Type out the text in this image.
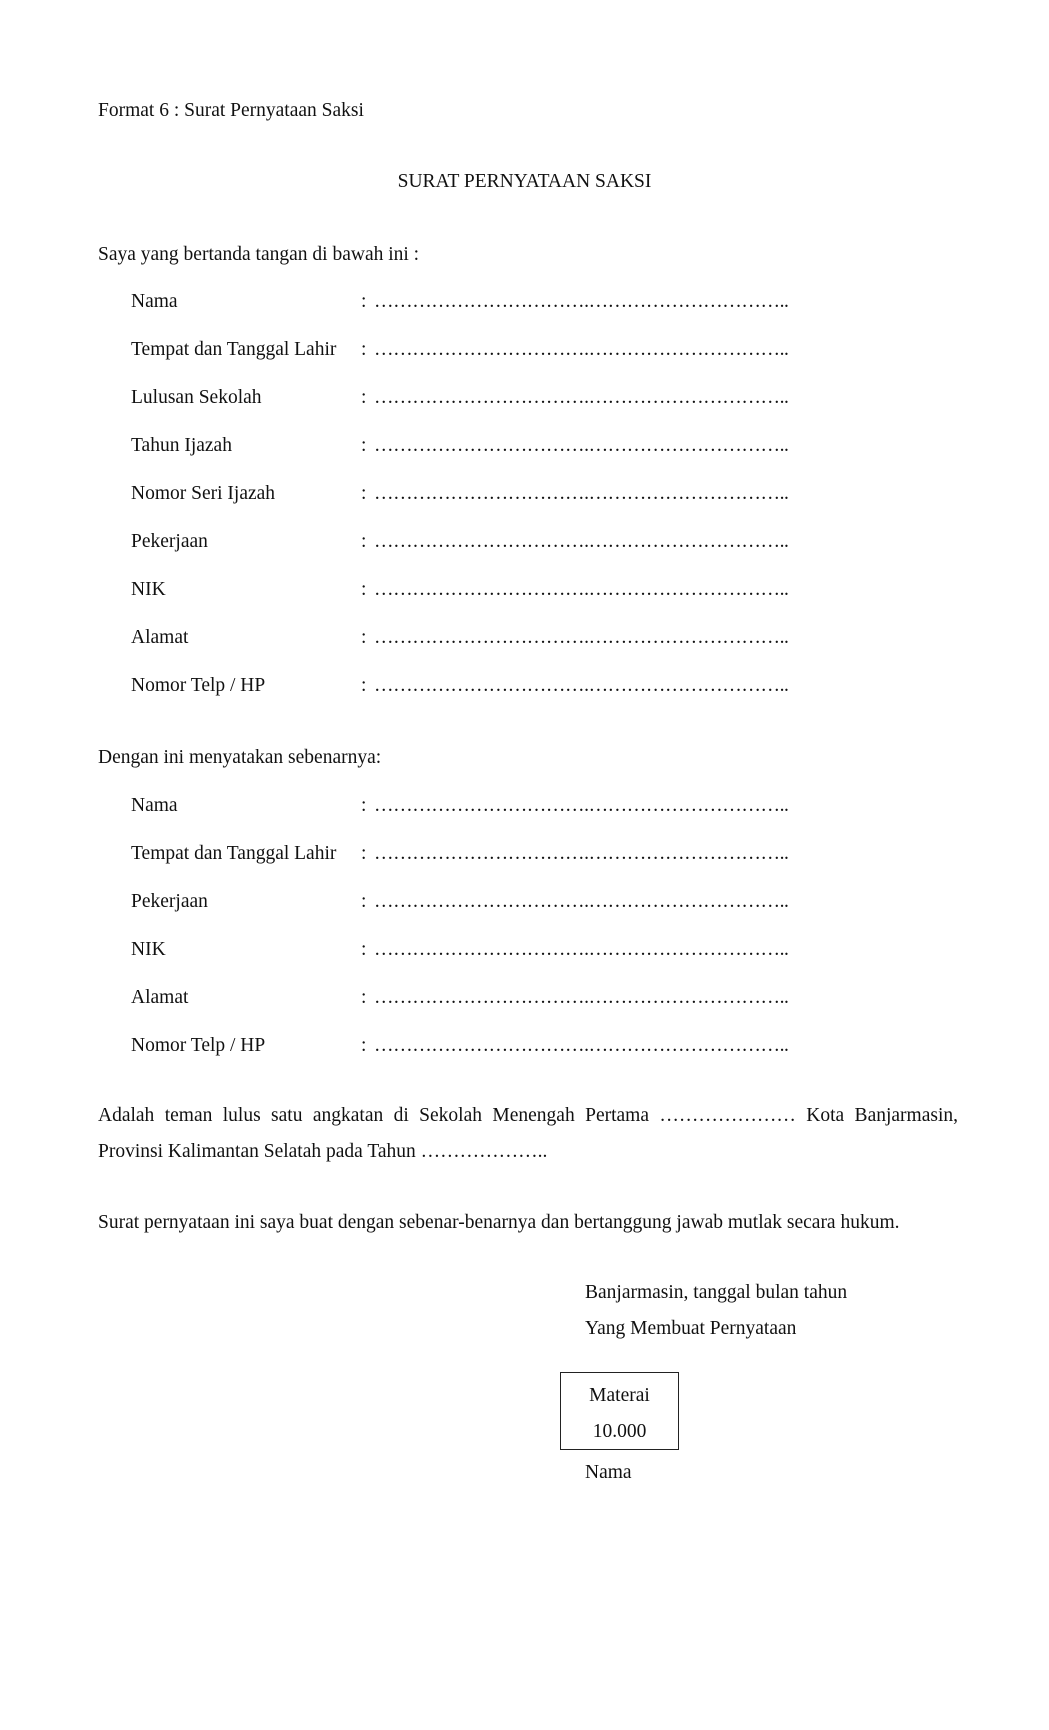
Format 6 : Surat Pernyataan Saksi
SURAT PERNYATAAN SAKSI
Saya yang bertanda tangan di bawah ini :
Nama	: …………………………….…………………………..
Tempat dan Tanggal Lahir : …………………………….…………………………..
Lulusan Sekolah	: …………………………….…………………………..
Tahun Ijazah	: …………………………….…………………………..
Nomor Seri Ijazah	: …………………………….…………………………..
Pekerjaan	: …………………………….…………………………..
NIK	: …………………………….…………………………..
Alamat	: …………………………….…………………………..
Nomor Telp / HP	: …………………………….…………………………..
Dengan ini menyatakan sebenarnya:
Nama	: …………………………….…………………………..
Tempat dan Tanggal Lahir : …………………………….…………………………..
Pekerjaan	: …………………………….…………………………..
NIK	: …………………………….…………………………..
Alamat	: …………………………….…………………………..
Nomor Telp / HP	: …………………………….…………………………..
Adalah teman lulus satu angkatan di Sekolah Menengah Pertama ………………… Kota Banjarmasin,
Provinsi Kalimantan Selatah pada Tahun ………………..
Surat pernyataan ini saya buat dengan sebenar-benarnya dan bertanggung jawab mutlak secara hukum.
Banjarmasin, tanggal bulan tahun
Yang Membuat Pernyataan
Materai
10.000
Nama
